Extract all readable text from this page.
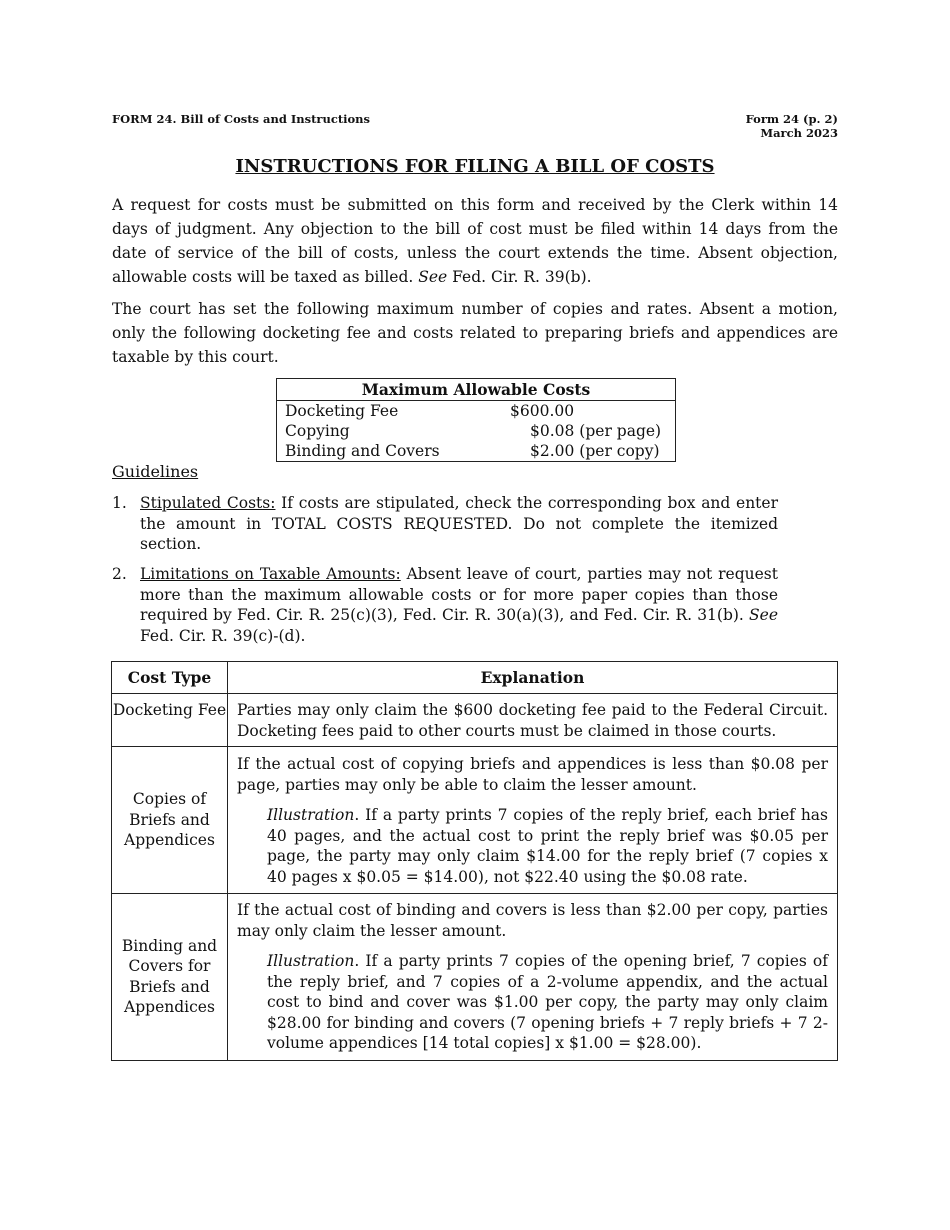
FORM 24. Bill of Costs and Instructions	Form 24 (p. 2)
March 2023
INSTRUCTIONS FOR FILING A BILL OF COSTS
A request for costs must be submitted on this form and received by the Clerk within 14 days of judgment. Any objection to the bill of cost must be filed within 14 days from the date of service of the bill of costs, unless the court extends the time. Absent objection, allowable costs will be taxed as billed. See Fed. Cir. R. 39(b).
The court has set the following maximum number of copies and rates. Absent a motion, only the following docketing fee and costs related to preparing briefs and appendices are taxable by this court.
Maximum Allowable Costs
Docketing Fee	$600.00
Copying	$0.08 (per page)
Binding and Covers	$2.00 (per copy)
Guidelines
1. Stipulated Costs: If costs are stipulated, check the corresponding box and enter the amount in TOTAL COSTS REQUESTED. Do not complete the itemized section.
2. Limitations on Taxable Amounts: Absent leave of court, parties may not request more than the maximum allowable costs or for more paper copies than those required by Fed. Cir. R. 25(c)(3), Fed. Cir. R. 30(a)(3), and Fed. Cir. R. 31(b). See Fed. Cir. R. 39(c)-(d).
Cost Type	Explanation
Docketing Fee	Parties may only claim the $600 docketing fee paid to the Federal Circuit. Docketing fees paid to other courts must be claimed in those courts.

Copies of Briefs and Appendices	If the actual cost of copying briefs and appendices is less than $0.08 per page, parties may only be able to claim the lesser amount.
Illustration. If a party prints 7 copies of the reply brief, each brief has 40 pages, and the actual cost to print the reply brief was $0.05 per page, the party may only claim $14.00 for the reply brief (7 copies x 40 pages x $0.05 = $14.00), not $22.40 using the $0.08 rate.

Binding and Covers for Briefs and Appendices	If the actual cost of binding and covers is less than $2.00 per copy, parties may only claim the lesser amount.
Illustration. If a party prints 7 copies of the opening brief, 7 copies of the reply brief, and 7 copies of a 2-volume appendix, and the actual cost to bind and cover was $1.00 per copy, the party may only claim $28.00 for binding and covers (7 opening briefs + 7 reply briefs + 7 2-volume appendices [14 total copies] x $1.00 = $28.00).
